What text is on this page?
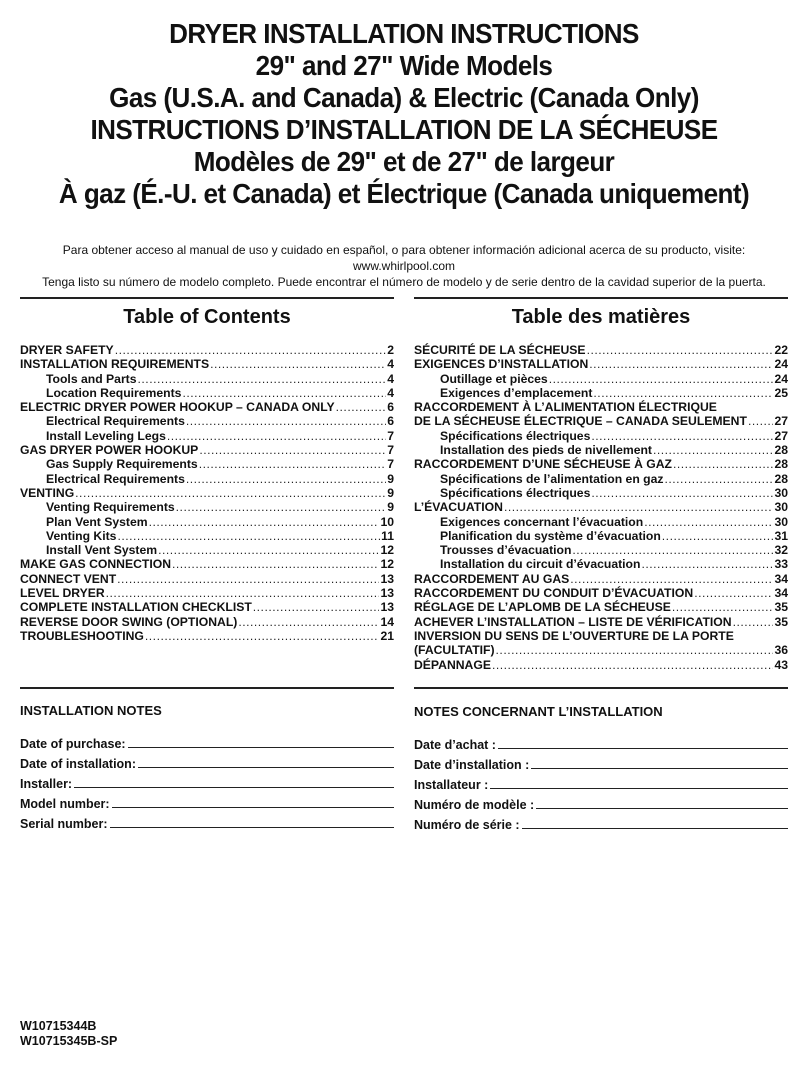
DRYER INSTALLATION INSTRUCTIONS
29" and 27" Wide Models
Gas (U.S.A. and Canada) & Electric (Canada Only)
INSTRUCTIONS D’INSTALLATION DE LA SÉCHEUSE
Modèles de 29" et de 27" de largeur
À gaz (É.-U. et Canada) et Électrique (Canada uniquement)
Para obtener acceso al manual de uso y cuidado en español, o para obtener información adicional acerca de su producto, visite:
www.whirlpool.com
Tenga listo su número de modelo completo. Puede encontrar el número de modelo y de serie dentro de la cavidad superior de la puerta.
Table of Contents
DRYER SAFETY .....	2
INSTALLATION REQUIREMENTS .....	4
Tools and Parts .....	4
Location Requirements .....	4
ELECTRIC DRYER POWER HOOKUP – CANADA ONLY .....	6
Electrical Requirements .....	6
Install Leveling Legs .....	7
GAS DRYER POWER HOOKUP .....	7
Gas Supply Requirements .....	7
Electrical Requirements .....	9
VENTING .....	9
Venting Requirements .....	9
Plan Vent System .....	10
Venting Kits .....	11
Install Vent System .....	12
MAKE GAS CONNECTION .....	12
CONNECT VENT .....	13
LEVEL DRYER .....	13
COMPLETE INSTALLATION CHECKLIST .....	13
REVERSE DOOR SWING (OPTIONAL) .....	14
TROUBLESHOOTING .....	21
Table des matières
SÉCURITÉ DE LA SÉCHEUSE .....	22
EXIGENCES D’INSTALLATION .....	24
Outillage et pièces .....	24
Exigences d’emplacement .....	25
RACCORDEMENT À L’ALIMENTATION ÉLECTRIQUE
DE LA SÉCHEUSE ÉLECTRIQUE – CANADA SEULEMENT ..... 27
Spécifications électriques .....	27
Installation des pieds de nivellement .....	28
RACCORDEMENT D’UNE SÉCHEUSE À GAZ .....	28
Spécifications de l’alimentation en gaz .....	28
Spécifications électriques .....	30
L’ÉVACUATION .....	30
Exigences concernant l’évacuation .....	30
Planification du système d’évacuation .....	31
Trousses d’évacuation .....	32
Installation du circuit d’évacuation .....	33
RACCORDEMENT AU GAS .....	34
RACCORDEMENT DU CONDUIT D’ÉVACUATION .....	34
RÉGLAGE DE L’APLOMB DE LA SÉCHEUSE .....	35
ACHEVER L’INSTALLATION – LISTE DE VÉRIFICATION .....	35
INVERSION DU SENS DE L’OUVERTURE DE LA PORTE
(FACULTATIF) .....	36
DÉPANNAGE .....	43
INSTALLATION NOTES
Date of purchase:
Date of installation:
Installer:
Model number:
Serial number:
NOTES CONCERNANT L’INSTALLATION
Date d’achat :
Date d’installation :
Installateur :
Numéro de modèle :
Numéro de série :
W10715344B
W10715345B-SP
